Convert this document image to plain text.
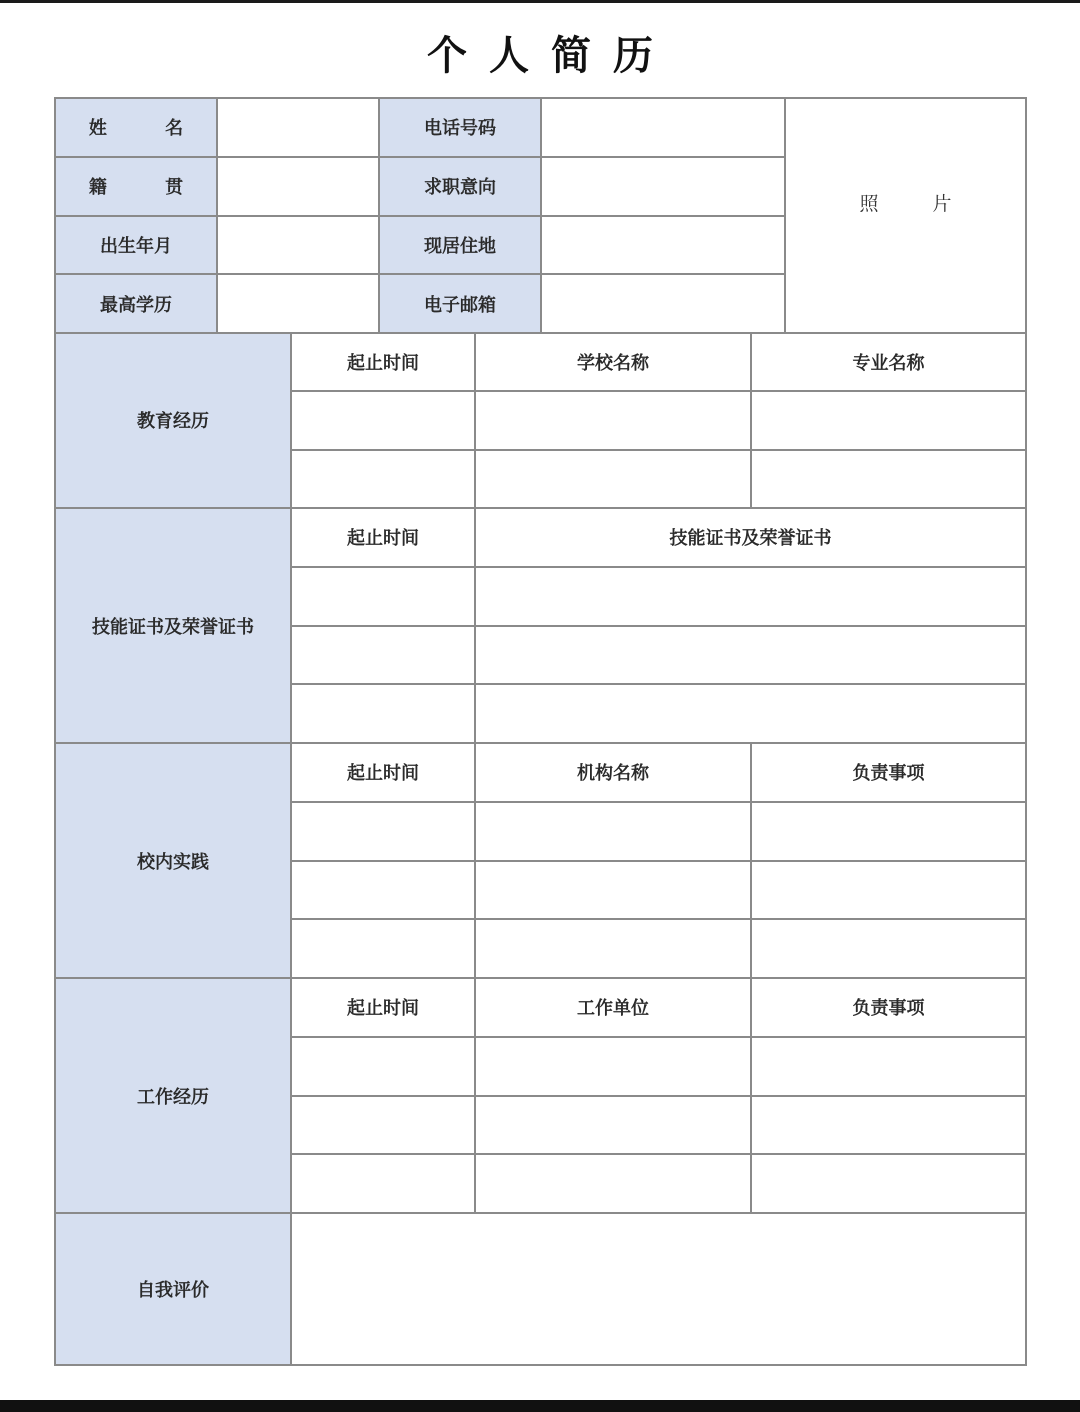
个人简历
姓 名	电话号码
照 片
籍 贯	求职意向
出生年月	现居住地
最高学历	电子邮箱
教育经历
起止时间	学校名称	专业名称
技能证书及荣誉证书
起止时间	技能证书及荣誉证书
校内实践
起止时间	机构名称	负责事项
工作经历
起止时间	工作单位	负责事项
自我评价
